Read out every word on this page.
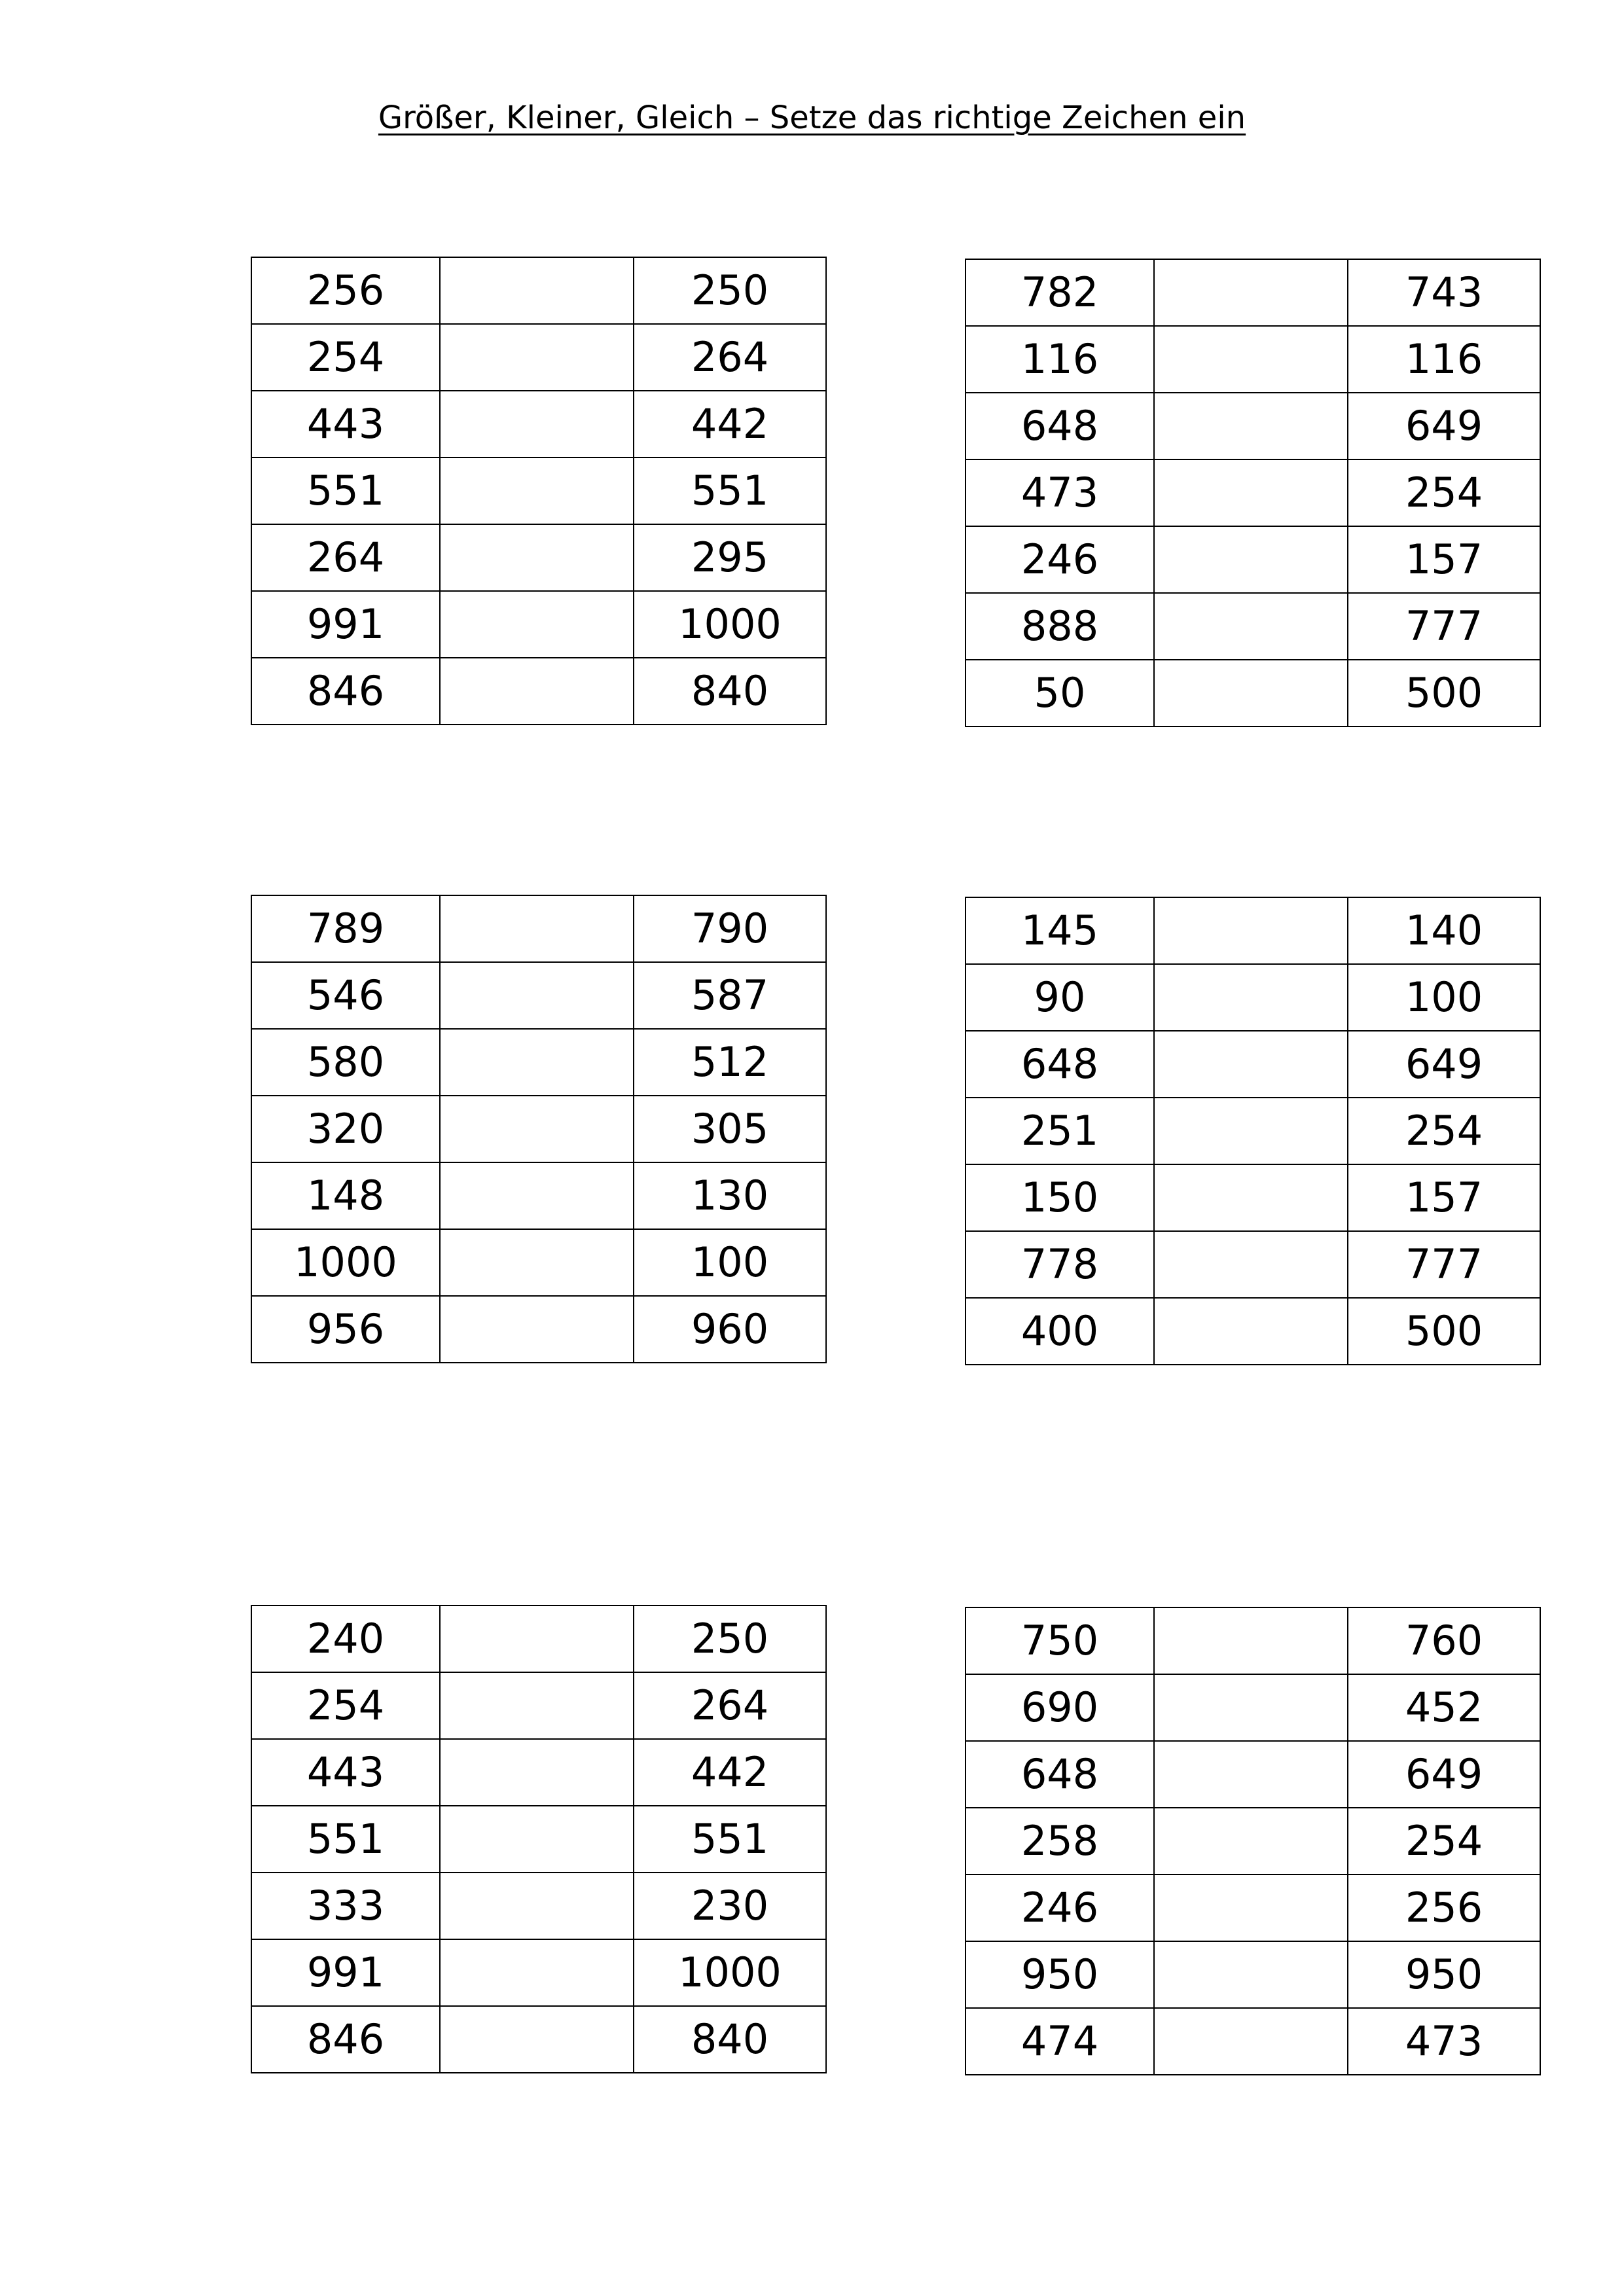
Größer, Kleiner, Gleich – Setze das richtige Zeichen ein
256		250
254		264
443		442
551		551
264		295
991		1000
846		840
782		743
116		116
648		649
473		254
246		157
888		777
50		500
789		790
546		587
580		512
320		305
148		130
1000		100
956		960
145		140
90		100
648		649
251		254
150		157
778		777
400		500
240		250
254		264
443		442
551		551
333		230
991		1000
846		840
750		760
690		452
648		649
258		254
246		256
950		950
474		473
